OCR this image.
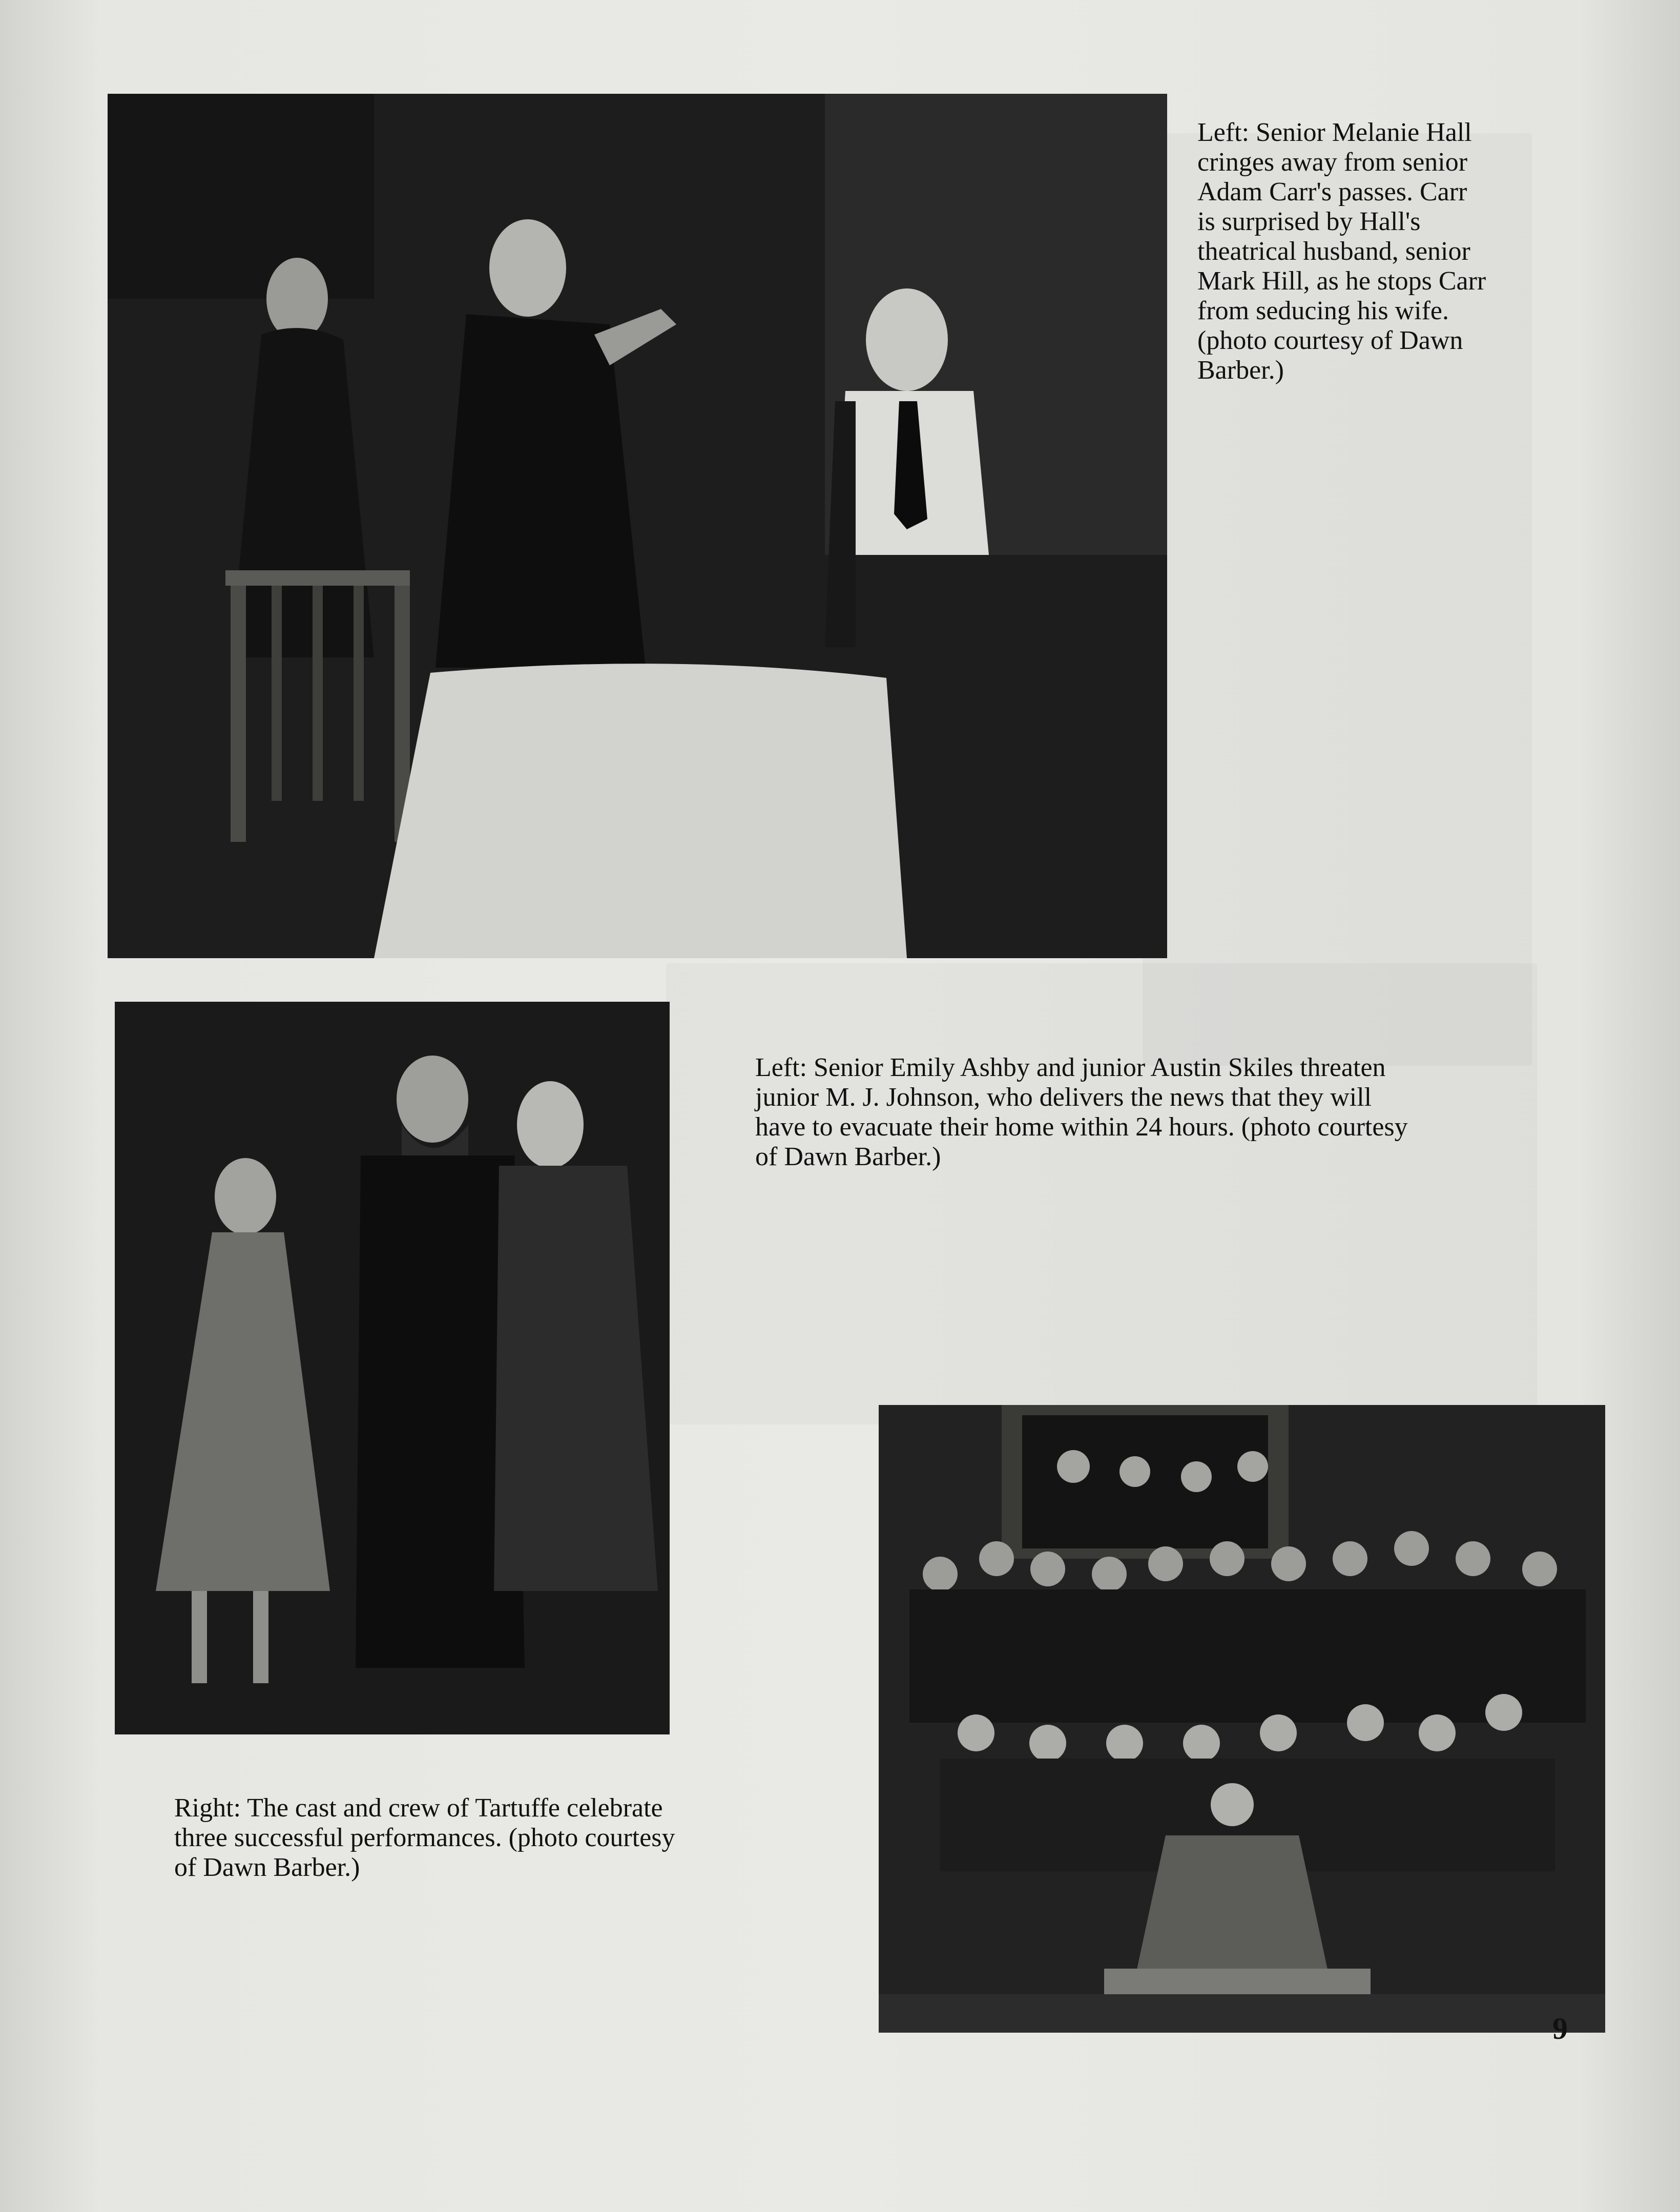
Left: Senior Melanie Hall
cringes away from senior
Adam Carr's passes. Carr
is surprised by Hall's
theatrical husband, senior
Mark Hill, as he stops Carr
from seducing his wife.
(photo courtesy of Dawn
Barber.)
Left: Senior Emily Ashby and junior Austin Skiles threaten
junior M. J. Johnson, who delivers the news that they will
have to evacuate their home within 24 hours. (photo courtesy
of Dawn Barber.)
Right: The cast and crew of Tartuffe celebrate
three successful performances. (photo courtesy
of Dawn Barber.)
9
